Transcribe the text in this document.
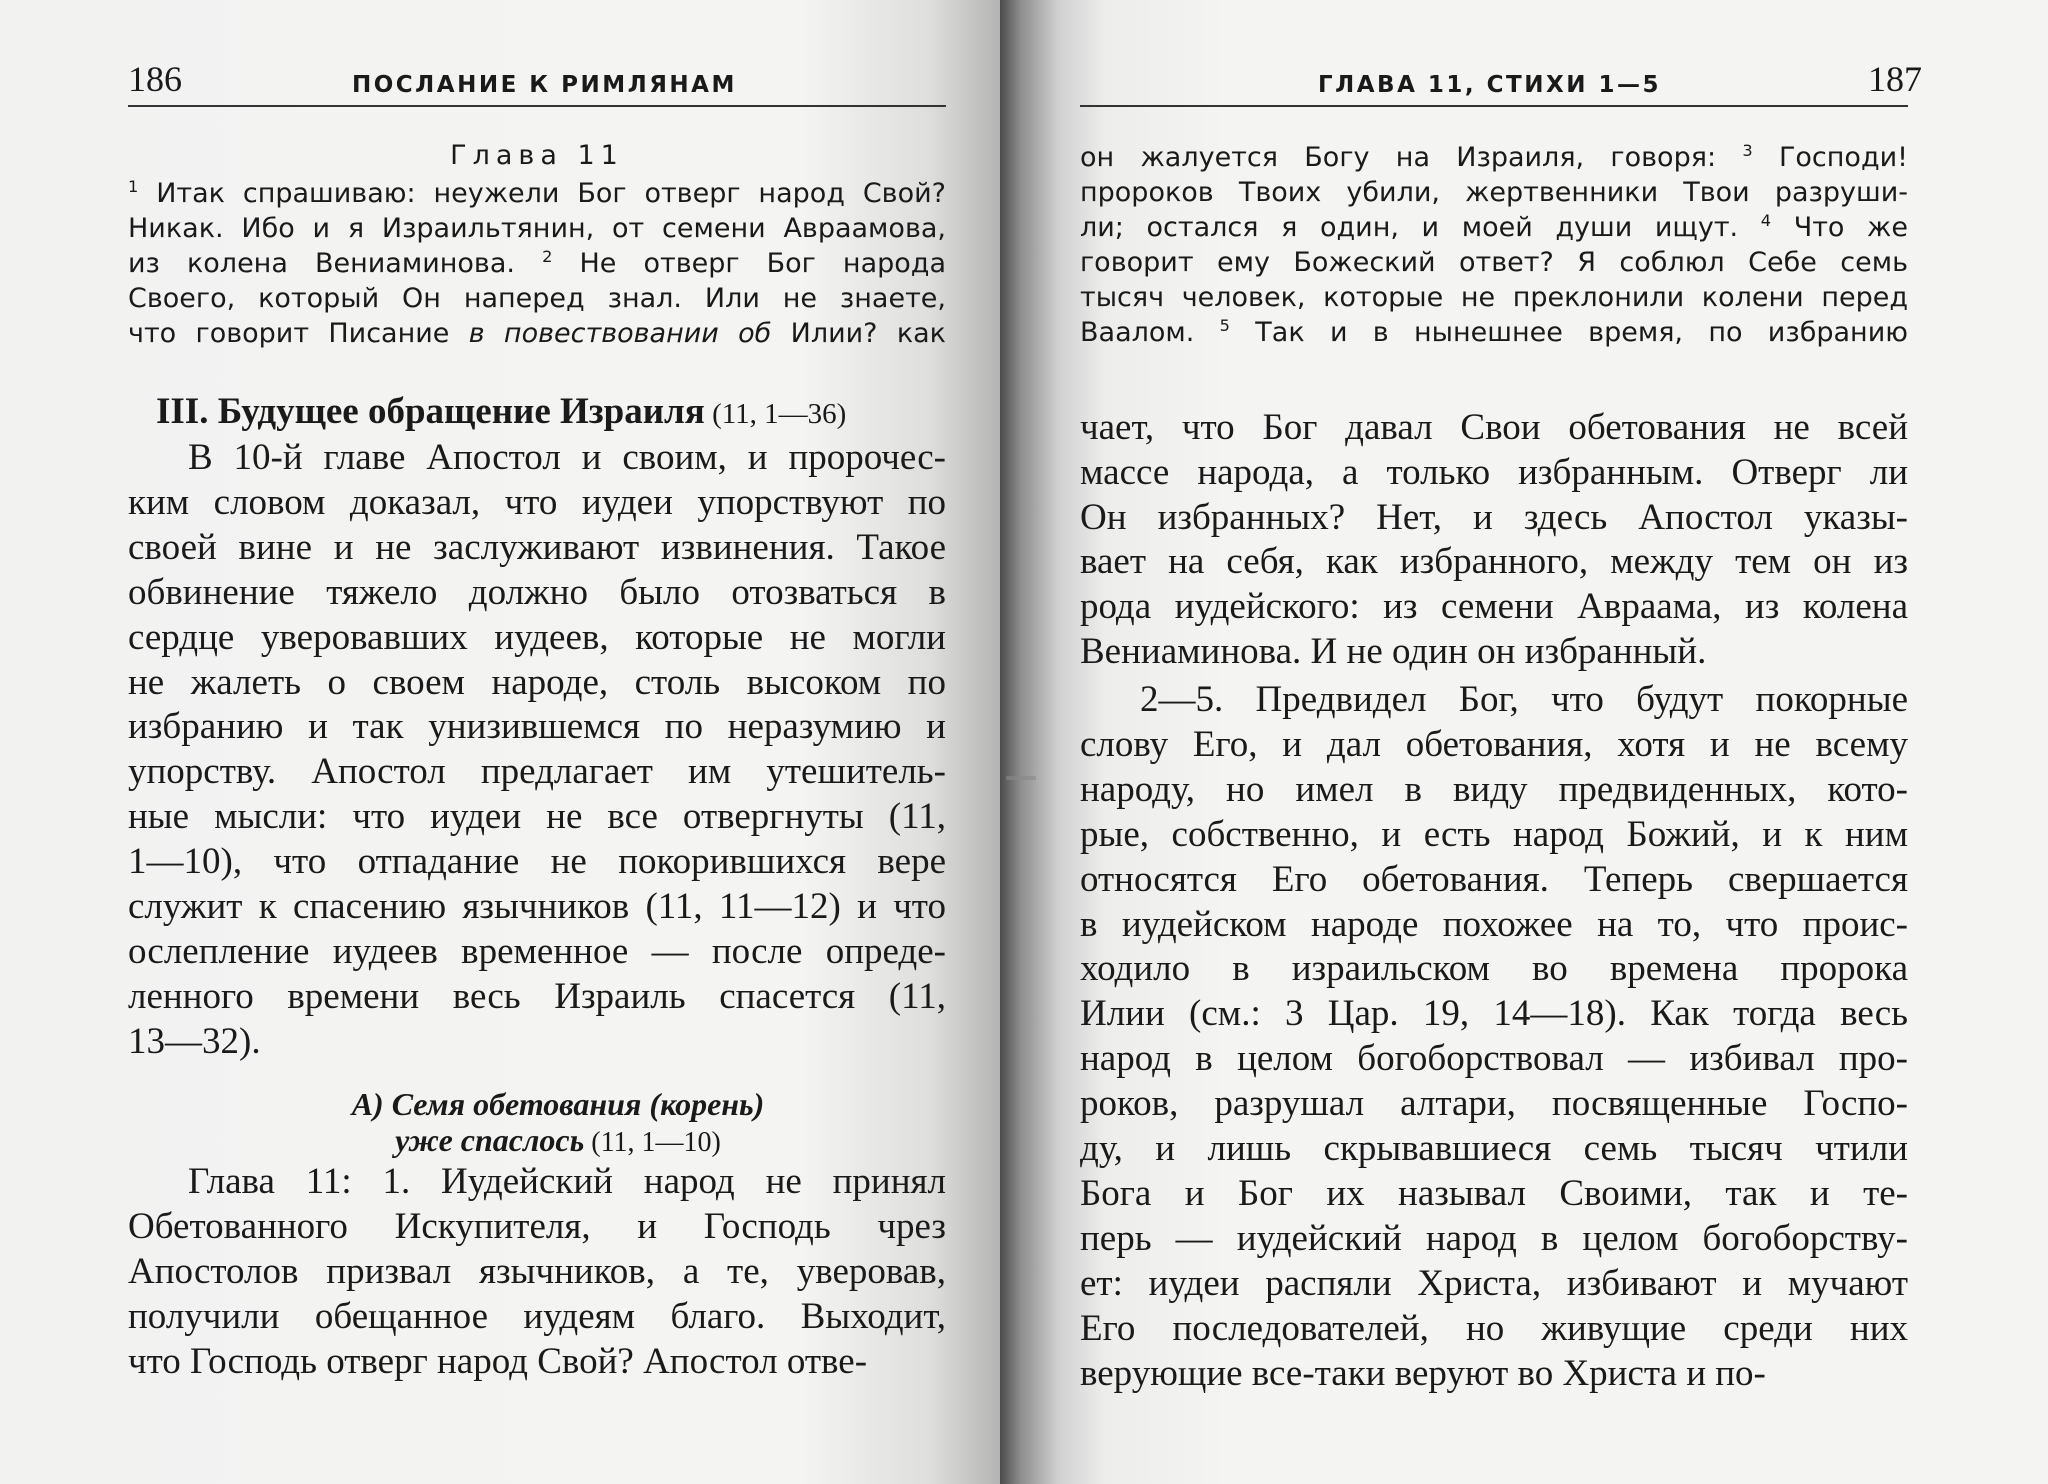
186	ПОСЛАНИЕ К РИМЛЯНАМ
Глава 11
$^1$ Итак спрашиваю: неужели Бог отверг народ Свой?
Никак. Ибо и я Израильтянин, от семени Авраамова,
из колена Вениаминова. $^2$ Не отверг Бог народа
Своего, который Он наперед знал. Или не знаете,
что говорит Писание в повествовании об Илии? как
III. Будущее обращение Израиля (11, 1—36)
В 10-й главе Апостол и своим, и пророчес-
ким словом доказал, что иудеи упорствуют по
своей вине и не заслуживают извинения. Такое
обвинение тяжело должно было отозваться в
сердце уверовавших иудеев, которые не могли
не жалеть о своем народе, столь высоком по
избранию и так унизившемся по неразумию и
упорству. Апостол предлагает им утешитель-
ные мысли: что иудеи не все отвергнуты (11,
1—10), что отпадание не покорившихся вере
служит к спасению язычников (11, 11—12) и что
ослепление иудеев временное — после опреде-
ленного времени весь Израиль спасется (11,
13—32).
А) Семя обетования (корень)
уже спаслось (11, 1—10)
Глава 11: 1. Иудейский народ не принял
Обетованного Искупителя, и Господь чрез
Апостолов призвал язычников, а те, уверовав,
получили обещанное иудеям благо. Выходит,
что Господь отверг народ Свой? Апостол отве-
ГЛАВА 11, СТИХИ 1—5	187
он жалуется Богу на Израиля, говоря: $^3$ Господи!
пророков Твоих убили, жертвенники Твои разруши-
ли; остался я один, и моей души ищут. $^4$ Что же
говорит ему Божеский ответ? Я соблюл Себе семь
тысяч человек, которые не преклонили колени перед
Ваалом. $^5$ Так и в нынешнее время, по избранию
чает, что Бог давал Свои обетования не всей
массе народа, а только избранным. Отверг ли
Он избранных? Нет, и здесь Апостол указы-
вает на себя, как избранного, между тем он из
рода иудейского: из семени Авраама, из колена
Вениаминова. И не один он избранный.
2—5. Предвидел Бог, что будут покорные
слову Его, и дал обетования, хотя и не всему
народу, но имел в виду предвиденных, кото-
рые, собственно, и есть народ Божий, и к ним
относятся Его обетования. Теперь свершается
в иудейском народе похожее на то, что проис-
ходило в израильском во времена пророка
Илии (см.: 3 Цар. 19, 14—18). Как тогда весь
народ в целом богоборствовал — избивал про-
роков, разрушал алтари, посвященные Госпо-
ду, и лишь скрывавшиеся семь тысяч чтили
Бога и Бог их называл Своими, так и те-
перь — иудейский народ в целом богоборству-
ет: иудеи распяли Христа, избивают и мучают
Его последователей, но живущие среди них
верующие все-таки веруют во Христа и по-
